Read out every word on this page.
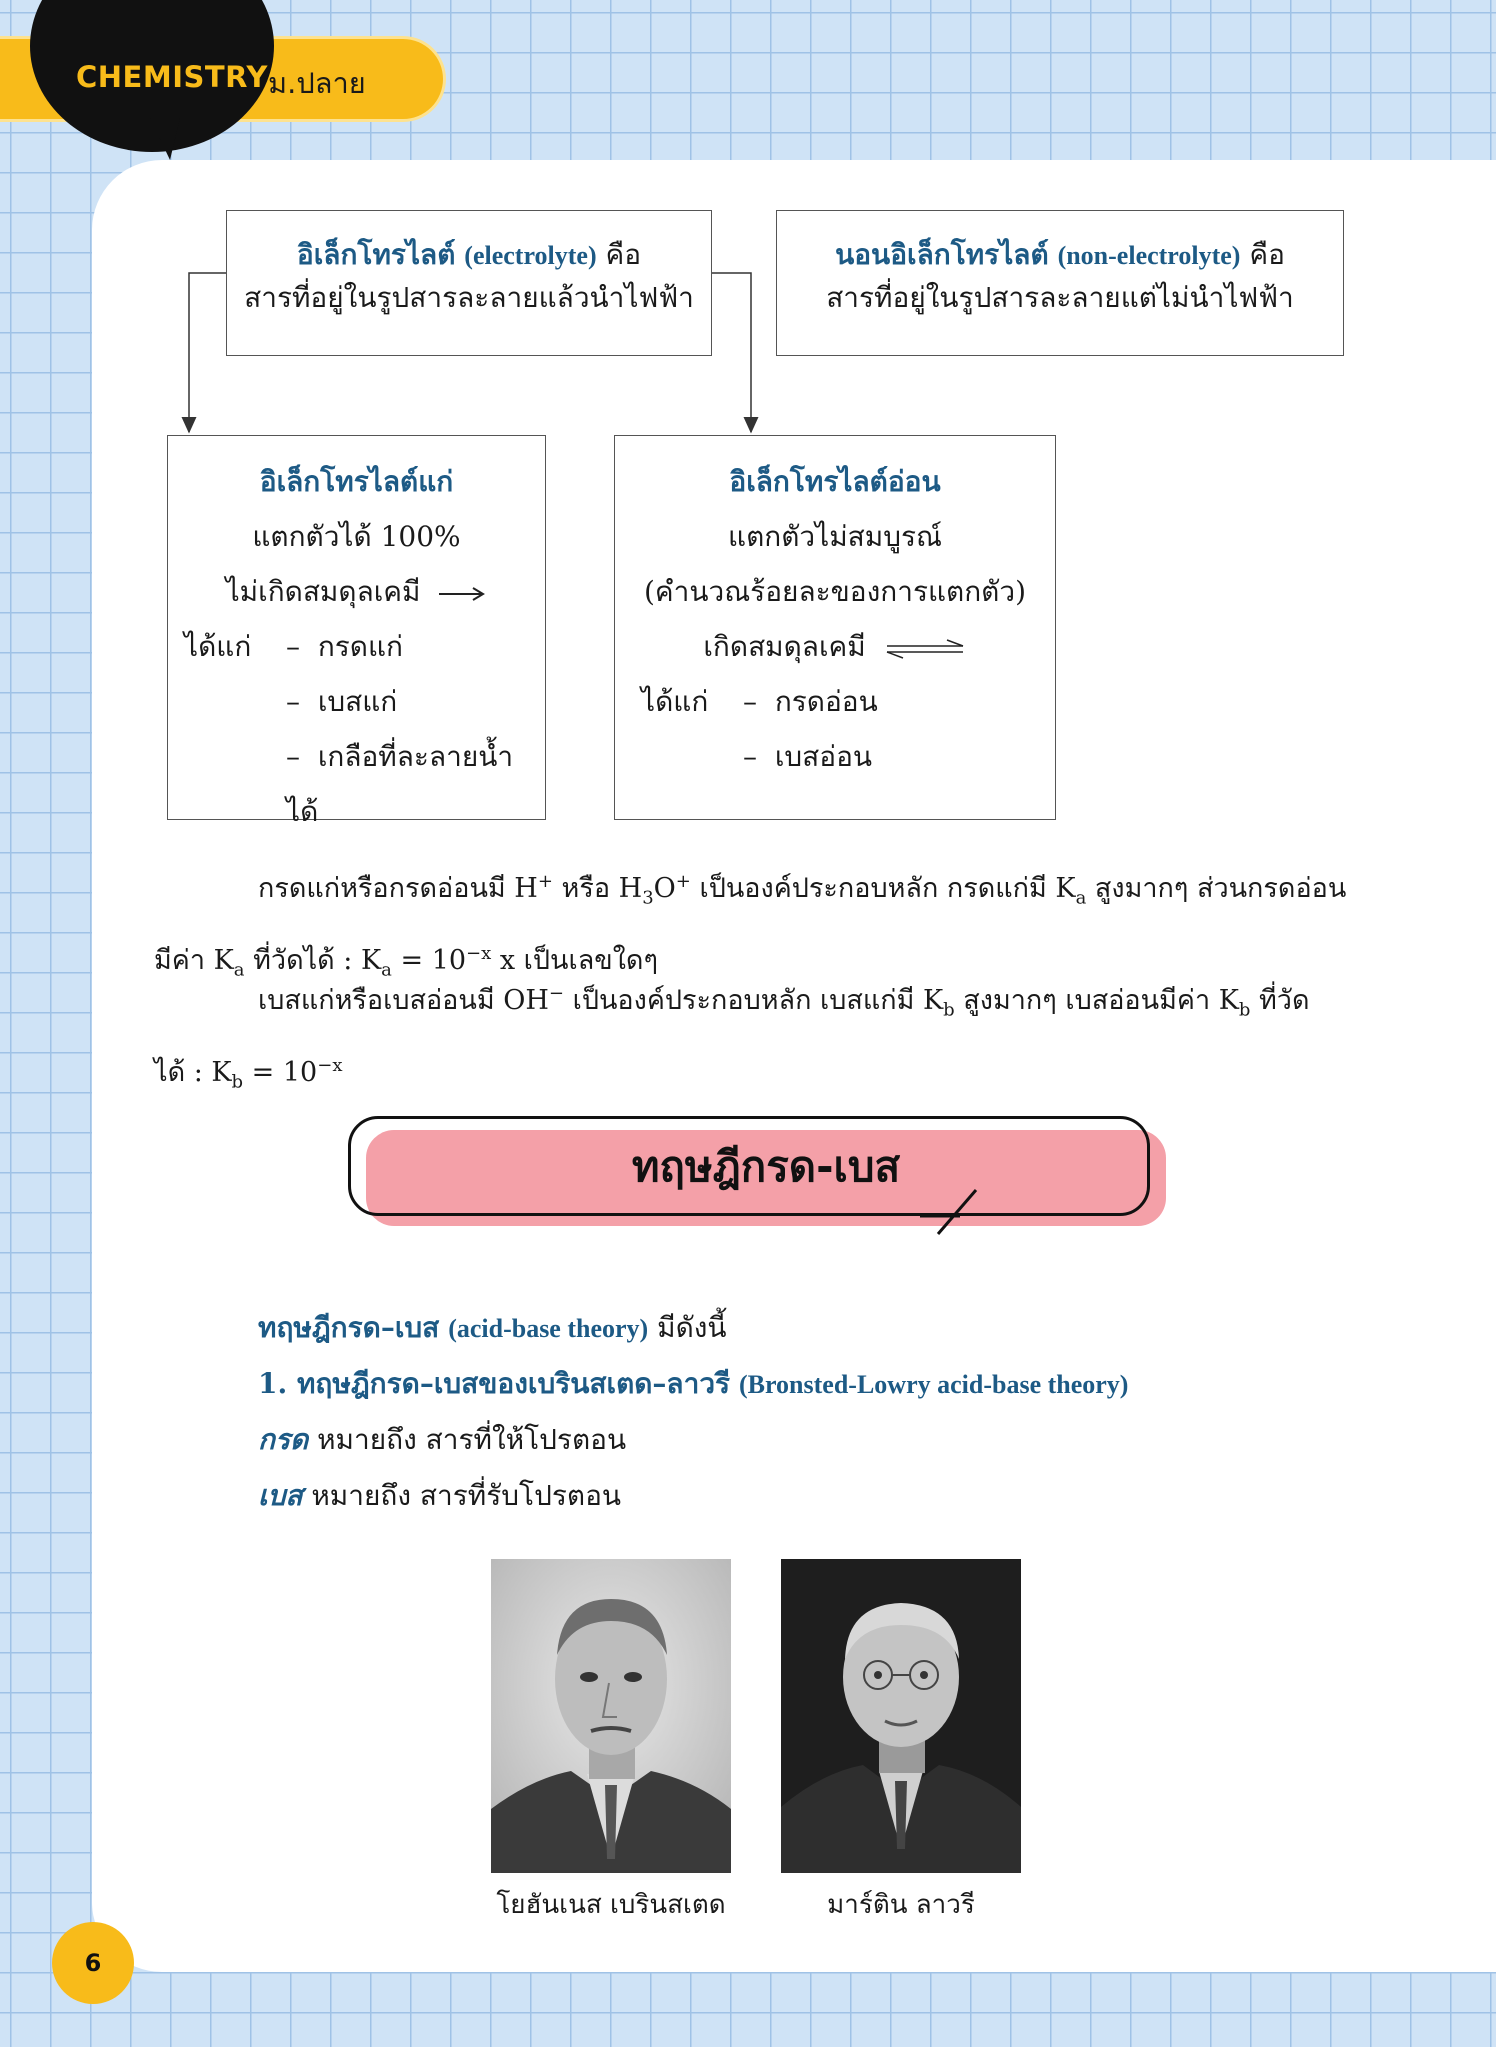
CHEMISTRY ม.ปลาย
อิเล็กโทรไลต์ (electrolyte) คือ
สารที่อยู่ในรูปสารละลายแล้วนำไฟฟ้า
นอนอิเล็กโทรไลต์ (non-electrolyte) คือ
สารที่อยู่ในรูปสารละลายแต่ไม่นำไฟฟ้า
อิเล็กโทรไลต์แก่
แตกตัวได้ 100%
ไม่เกิดสมดุลเคมี
ได้แก่ –  กรดแก่
–  เบสแก่
–  เกลือที่ละลายน้ำได้
อิเล็กโทรไลต์อ่อน
แตกตัวไม่สมบูรณ์
(คำนวณร้อยละของการแตกตัว)
เกิดสมดุลเคมี ⇌
ได้แก่ –  กรดอ่อน
–  เบสอ่อน
กรดแก่หรือกรดอ่อนมี H+ หรือ $H_3O^+$ เป็นองค์ประกอบหลัก กรดแก่มี $K_a$ สูงมากๆ ส่วนกรดอ่อน
มีค่า $K_a$ ที่วัดได้ : $K_a = 10^{-x}$ x เป็นเลขใดๆ
เบสแก่หรือเบสอ่อนมี OH− เป็นองค์ประกอบหลัก เบสแก่มี $K_b$ สูงมากๆ เบสอ่อนมีค่า $K_b$ ที่วัด
ได้ : $K_b = 10^{-x}$
ทฤษฎีกรด-เบส
ทฤษฎีกรด–เบส (acid-base theory) มีดังนี้
1. ทฤษฎีกรด–เบสของเบรินสเตด–ลาวรี (Bronsted-Lowry acid-base theory)
กรด หมายถึง สารที่ให้โปรตอน
เบส หมายถึง สารที่รับโปรตอน
โยฮันเนส เบรินสเตด	มาร์ติน ลาวรี
6
